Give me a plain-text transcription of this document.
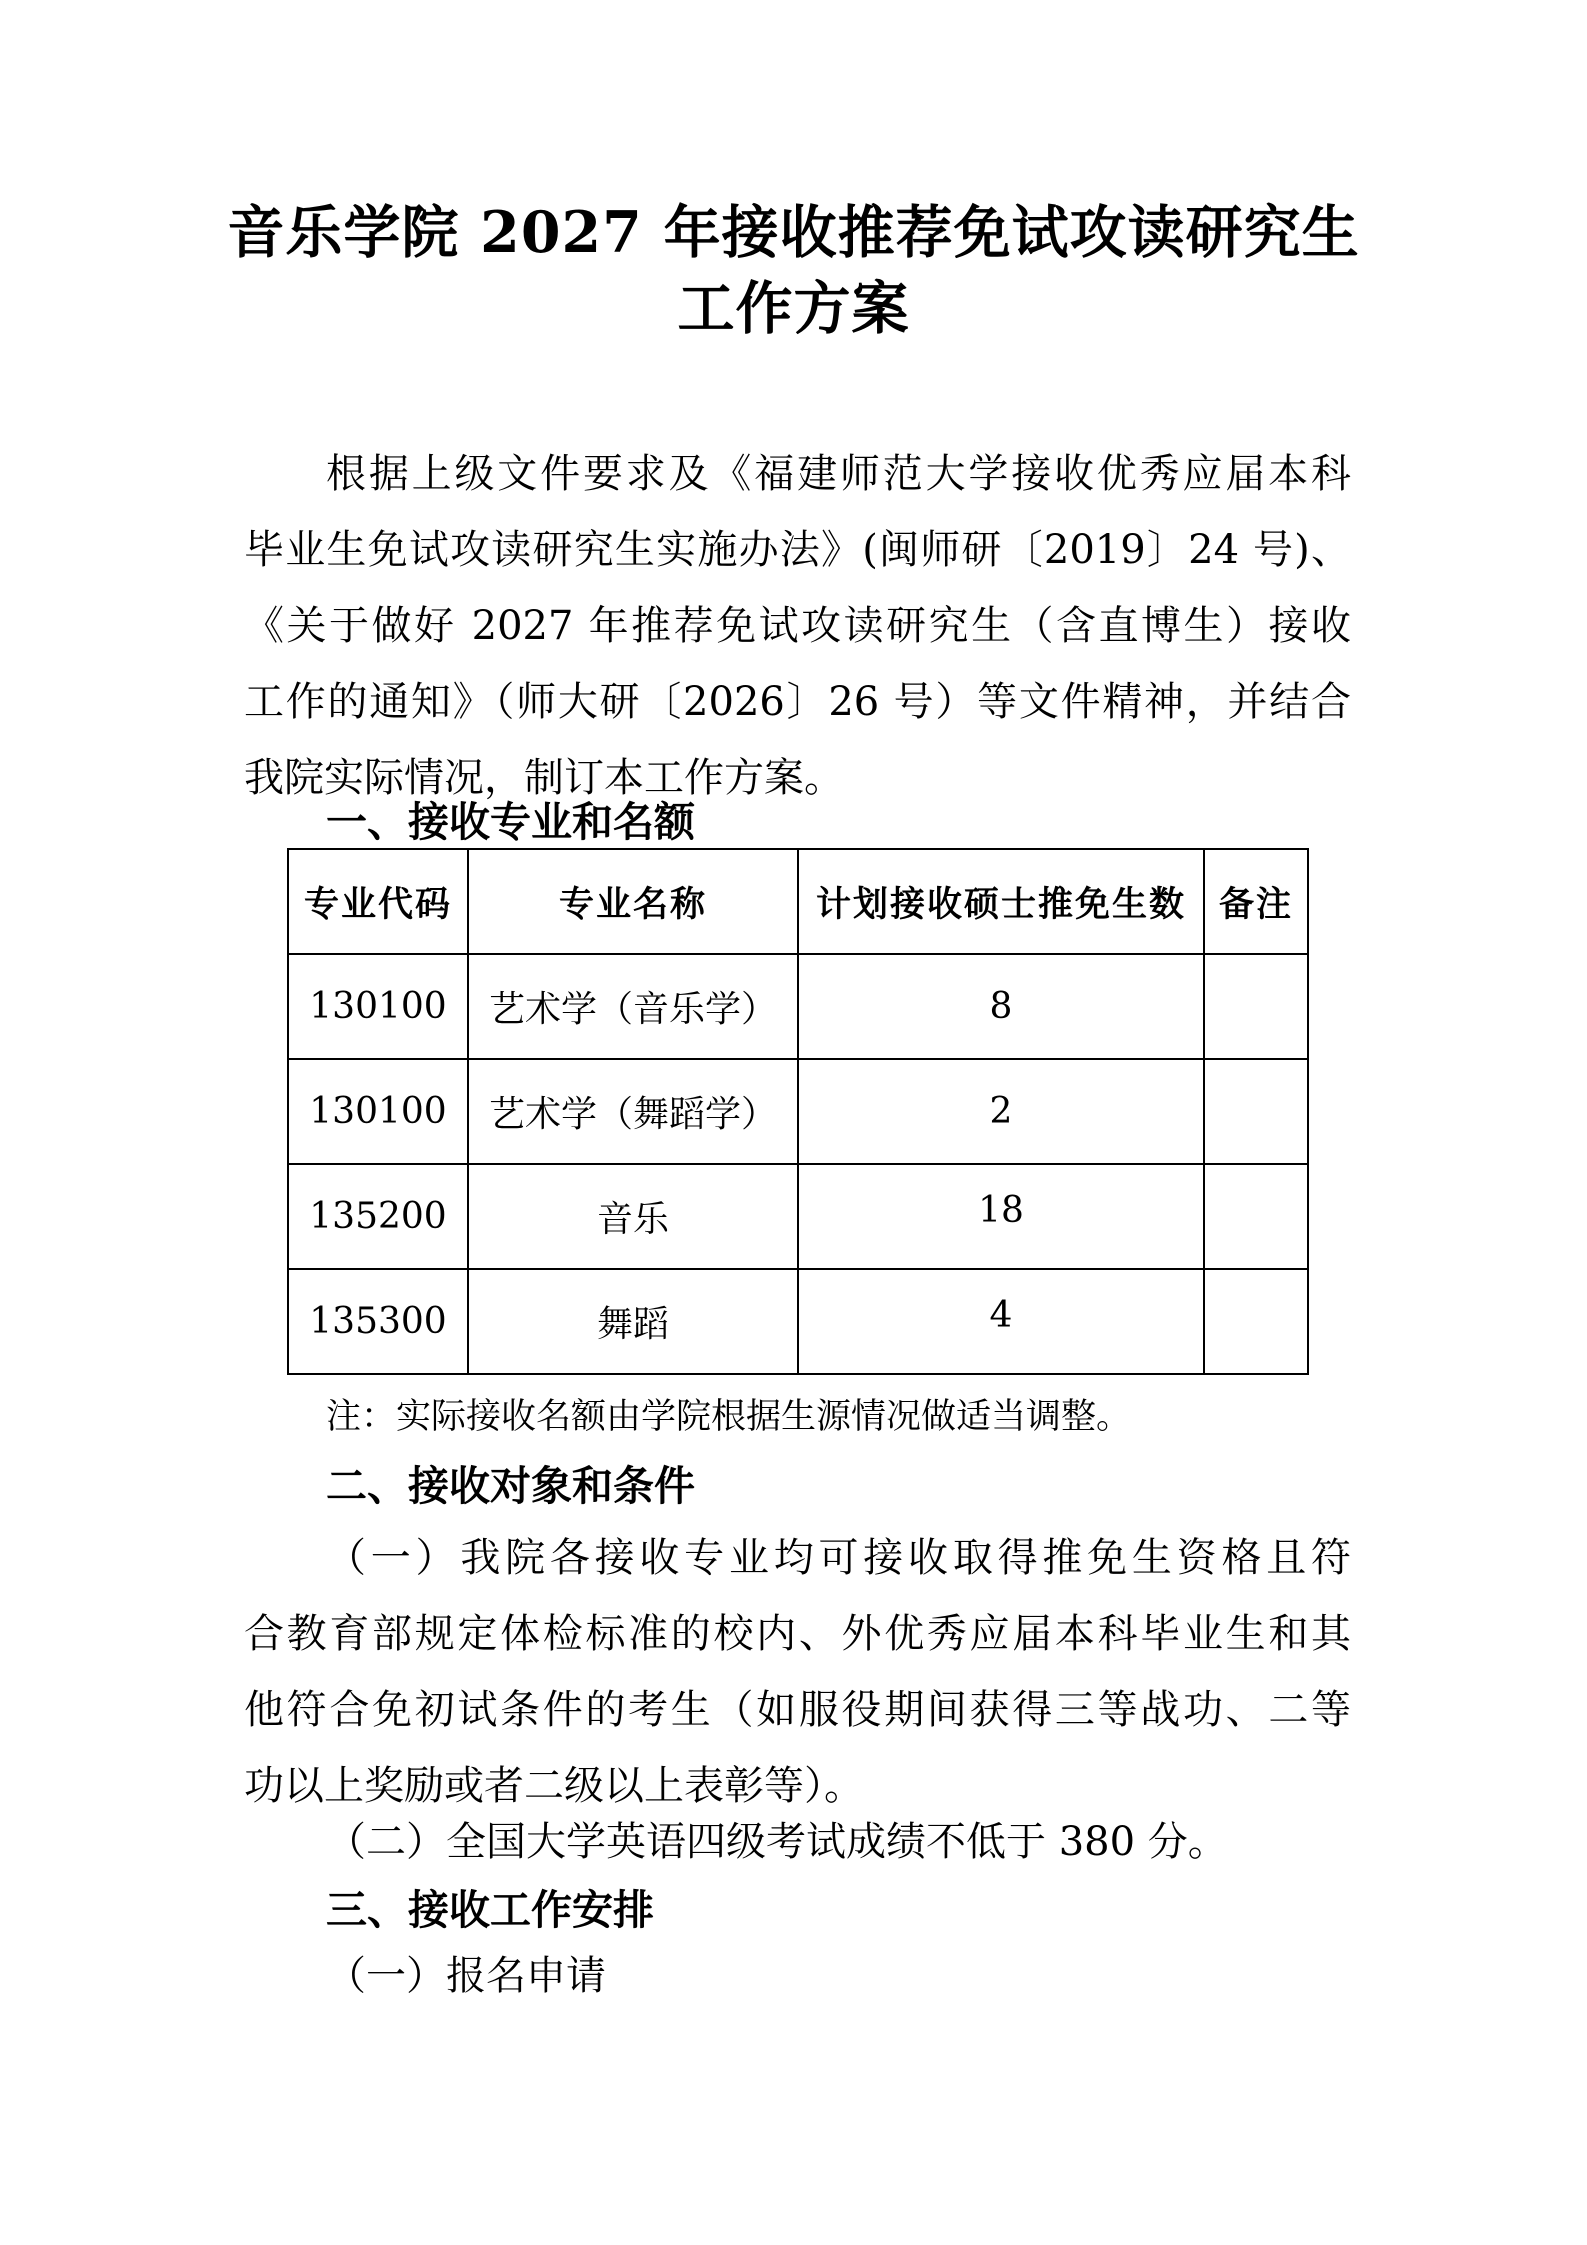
音乐学院 2027 年接收推荐免试攻读研究生
工作方案
根据上级文件要求及《福建师范大学接收优秀应届本科
毕业生免试攻读研究生实施办法》(闽师研〔2019〕24 号)、
《关于做好 2027 年推荐免试攻读研究生（含直博生）接收
工作的通知》（师大研〔2026〕26 号）等文件精神，并结合
我院实际情况，制订本工作方案。
一、接收专业和名额
专业代码	专业名称	计划接收硕士推免生数	备注
130100	艺术学（音乐学）	8	
130100	艺术学（舞蹈学）	2	
135200	音乐	18	
135300	舞蹈	4	
注：实际接收名额由学院根据生源情况做适当调整。
二、接收对象和条件
（一）我院各接收专业均可接收取得推免生资格且符
合教育部规定体检标准的校内、外优秀应届本科毕业生和其
他符合免初试条件的考生（如服役期间获得三等战功、二等
功以上奖励或者二级以上表彰等）。
（二）全国大学英语四级考试成绩不低于 380 分。
三、接收工作安排
（一）报名申请
